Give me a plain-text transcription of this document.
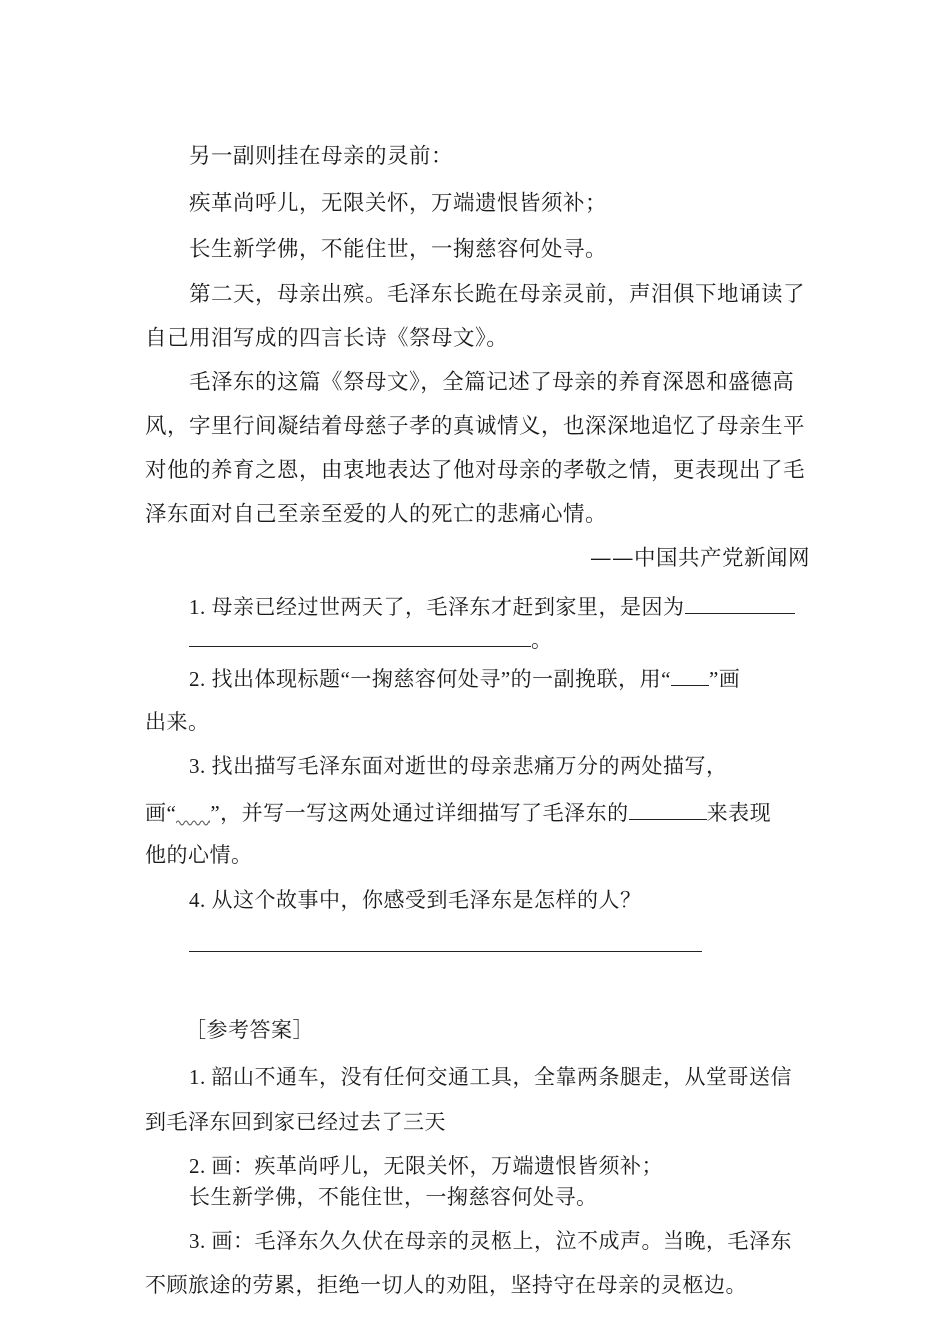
另一副则挂在母亲的灵前：
疾革尚呼儿，无限关怀，万端遗恨皆须补；
长生新学佛，不能住世，一掬慈容何处寻。
第二天，母亲出殡。毛泽东长跪在母亲灵前，声泪俱下地诵读了
自己用泪写成的四言长诗《祭母文》。
毛泽东的这篇《祭母文》，全篇记述了母亲的养育深恩和盛德高
风，字里行间凝结着母慈子孝的真诚情义，也深深地追忆了母亲生平
对他的养育之恩，由衷地表达了他对母亲的孝敬之情，更表现出了毛
泽东面对自己至亲至爱的人的死亡的悲痛心情。
——中国共产党新闻网
1. 母亲已经过世两天了，毛泽东才赶到家里，是因为
。
2. 找出体现标题“一掬慈容何处寻”的一副挽联，用“ ”画
出来。
3. 找出描写毛泽东面对逝世的母亲悲痛万分的两处描写，
画“ ”，并写一写这两处通过详细描写了毛泽东的	来表现
他的心情。
4. 从这个故事中，你感受到毛泽东是怎样的人？
［参考答案］
1. 韶山不通车，没有任何交通工具，全靠两条腿走，从堂哥送信
到毛泽东回到家已经过去了三天
2. 画：疾革尚呼儿，无限关怀，万端遗恨皆须补；
长生新学佛，不能住世，一掬慈容何处寻。
3. 画：毛泽东久久伏在母亲的灵柩上，泣不成声。当晚，毛泽东
不顾旅途的劳累，拒绝一切人的劝阻，坚持守在母亲的灵柩边。
